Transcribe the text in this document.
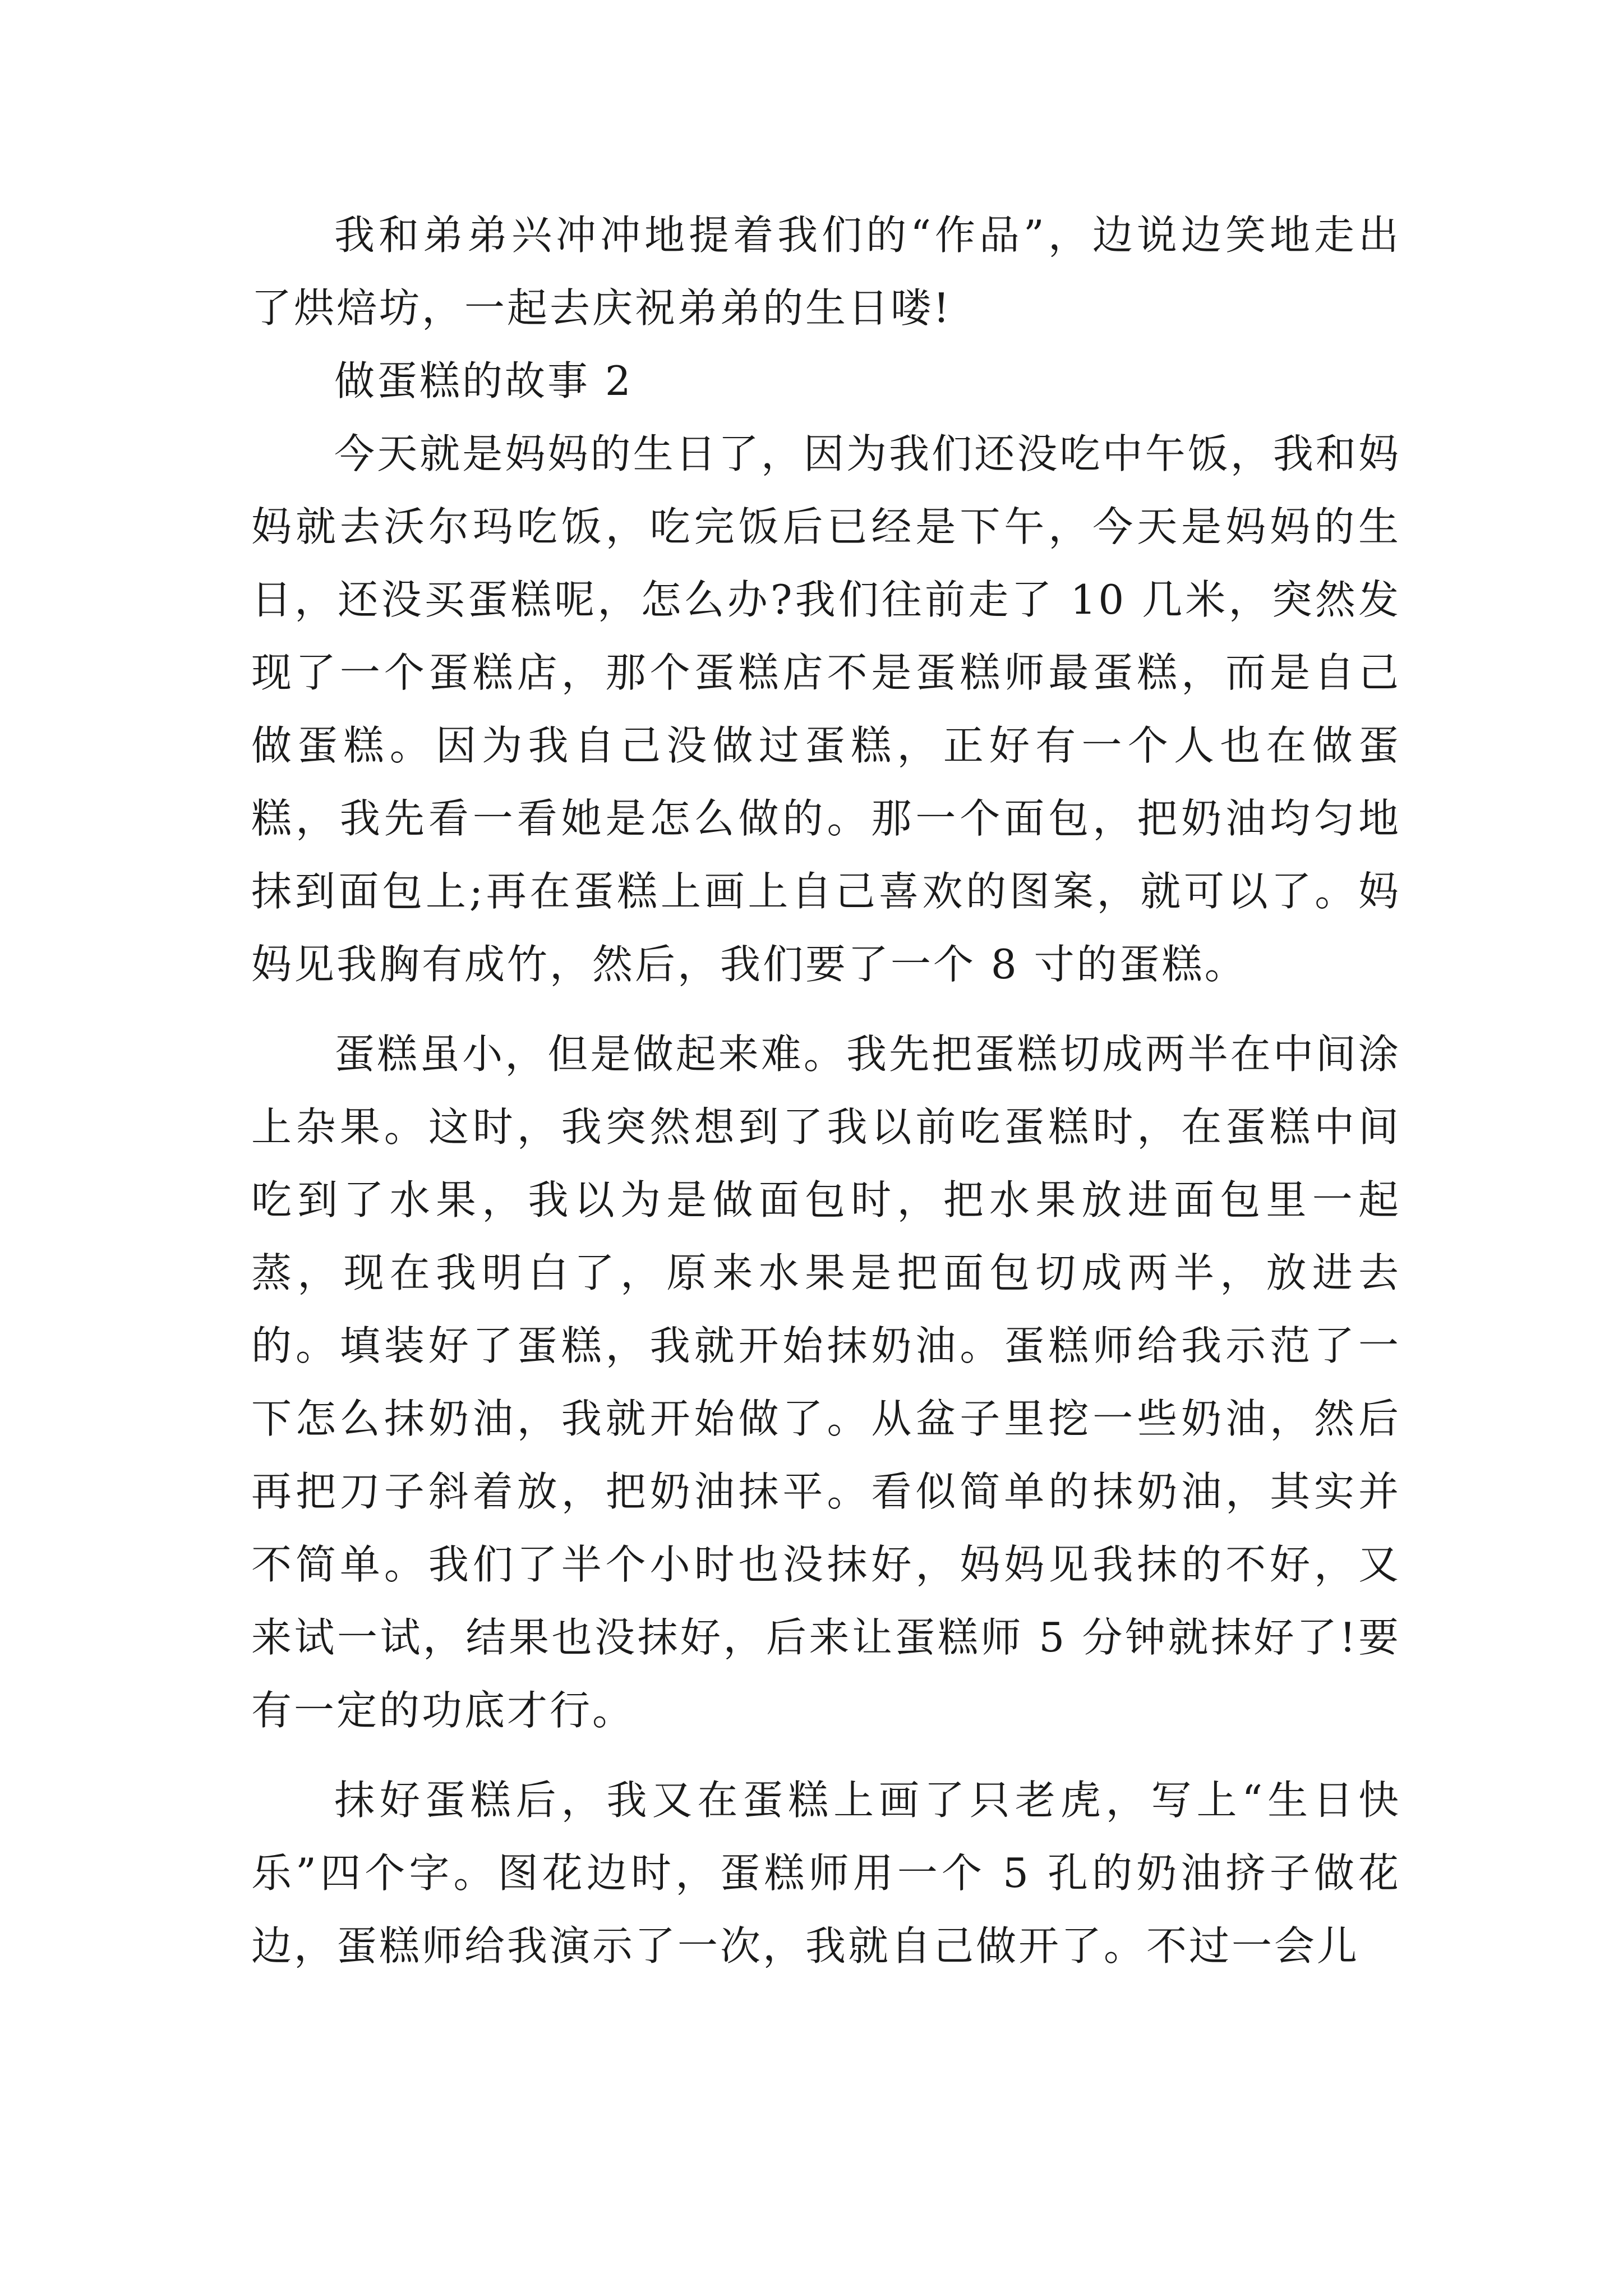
我和弟弟兴冲冲地提着我们的“作品”，边说边笑地走出了烘焙坊，一起去庆祝弟弟的生日喽!

做蛋糕的故事 2

今天就是妈妈的生日了，因为我们还没吃中午饭，我和妈妈就去沃尔玛吃饭，吃完饭后已经是下午，今天是妈妈的生日，还没买蛋糕呢，怎么办?我们往前走了 10 几米，突然发现了一个蛋糕店，那个蛋糕店不是蛋糕师最蛋糕，而是自己做蛋糕。因为我自己没做过蛋糕，正好有一个人也在做蛋糕，我先看一看她是怎么做的。那一个面包，把奶油均匀地抹到面包上;再在蛋糕上画上自己喜欢的图案，就可以了。妈妈见我胸有成竹，然后，我们要了一个 8 寸的蛋糕。

蛋糕虽小，但是做起来难。我先把蛋糕切成两半在中间涂上杂果。这时，我突然想到了我以前吃蛋糕时，在蛋糕中间吃到了水果，我以为是做面包时，把水果放进面包里一起蒸，现在我明白了，原来水果是把面包切成两半，放进去的。填装好了蛋糕，我就开始抹奶油。蛋糕师给我示范了一下怎么抹奶油，我就开始做了。从盆子里挖一些奶油，然后再把刀子斜着放，把奶油抹平。看似简单的抹奶油，其实并不简单。我们了半个小时也没抹好，妈妈见我抹的不好，又来试一试，结果也没抹好，后来让蛋糕师 5 分钟就抹好了!要有一定的功底才行。

抹好蛋糕后，我又在蛋糕上画了只老虎，写上“生日快乐”四个字。图花边时，蛋糕师用一个 5 孔的奶油挤子做花边，蛋糕师给我演示了一次，我就自己做开了。不过一会儿
